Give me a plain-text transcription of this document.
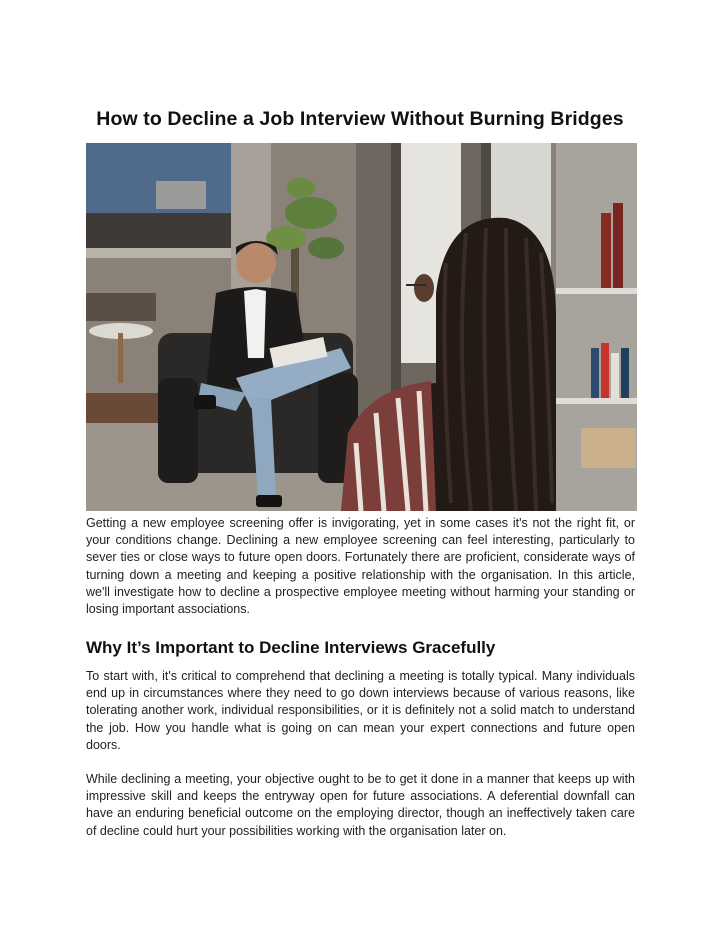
How to Decline a Job Interview Without Burning Bridges

Getting a new employee screening offer is invigorating, yet in some cases it's not the right fit, or your conditions change. Declining a new employee screening can feel interesting, particularly to sever ties or close ways to future open doors. Fortunately there are proficient, considerate ways of turning down a meeting and keeping a positive relationship with the organisation. In this article, we'll investigate how to decline a prospective employee meeting without harming your standing or losing important associations.

Why It’s Important to Decline Interviews Gracefully

To start with, it's critical to comprehend that declining a meeting is totally typical. Many individuals end up in circumstances where they need to go down interviews because of various reasons, like tolerating another work, individual responsibilities, or it is definitely not a solid match to understand the job. How you handle what is going on can mean your expert connections and future open doors.

While declining a meeting, your objective ought to be to get it done in a manner that keeps up with impressive skill and keeps the entryway open for future associations. A deferential downfall can have an enduring beneficial outcome on the employing director, though an ineffectively taken care of decline could hurt your possibilities working with the organisation later on.
